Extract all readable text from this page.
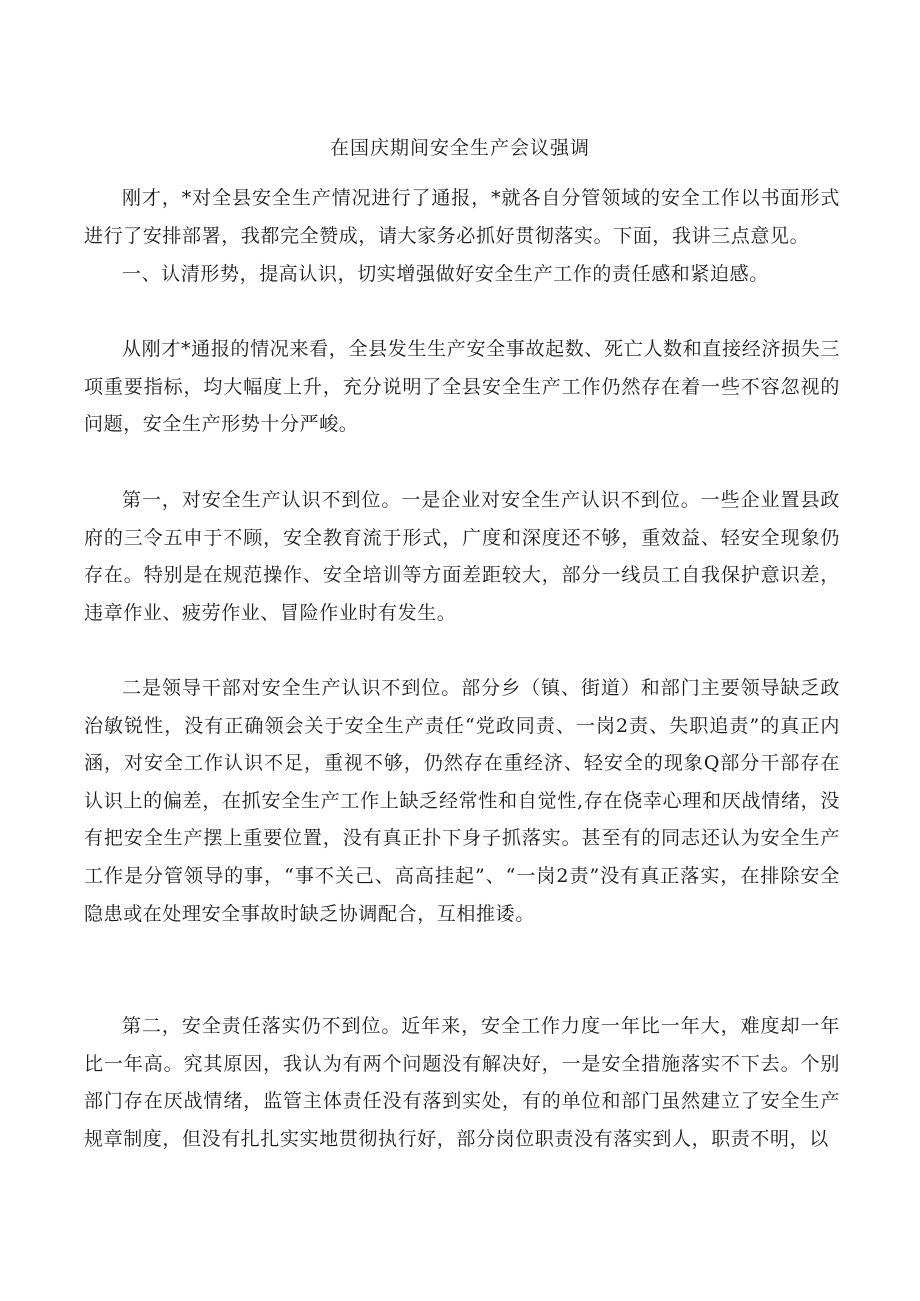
在国庆期间安全生产会议强调

刚才，*对全县安全生产情况进行了通报，*就各自分管领域的安全工作以书面形式进行了安排部署，我都完全赞成，请大家务必抓好贯彻落实。下面，我讲三点意见。

一、认清形势，提高认识，切实增强做好安全生产工作的责任感和紧迫感。

从刚才*通报的情况来看，全县发生生产安全事故起数、死亡人数和直接经济损失三项重要指标，均大幅度上升，充分说明了全县安全生产工作仍然存在着一些不容忽视的问题，安全生产形势十分严峻。

第一，对安全生产认识不到位。一是企业对安全生产认识不到位。一些企业置县政府的三令五申于不顾，安全教育流于形式，广度和深度还不够，重效益、轻安全现象仍存在。特别是在规范操作、安全培训等方面差距较大，部分一线员工自我保护意识差，违章作业、疲劳作业、冒险作业时有发生。

二是领导干部对安全生产认识不到位。部分乡（镇、街道）和部门主要领导缺乏政治敏锐性，没有正确领会关于安全生产责任“党政同责、一岗2责、失职追责”的真正内涵，对安全工作认识不足，重视不够，仍然存在重经济、轻安全的现象Q部分干部存在认识上的偏差，在抓安全生产工作上缺乏经常性和自觉性,存在侥幸心理和厌战情绪，没有把安全生产摆上重要位置，没有真正扑下身子抓落实。甚至有的同志还认为安全生产工作是分管领导的事，“事不关己、高高挂起”、“一岗2责”没有真正落实，在排除安全隐患或在处理安全事故时缺乏协调配合，互相推诿。

第二，安全责任落实仍不到位。近年来，安全工作力度一年比一年大，难度却一年比一年高。究其原因，我认为有两个问题没有解决好，一是安全措施落实不下去。个别部门存在厌战情绪，监管主体责任没有落到实处，有的单位和部门虽然建立了安全生产规章制度，但没有扎扎实实地贯彻执行好，部分岗位职责没有落实到人，职责不明，以
